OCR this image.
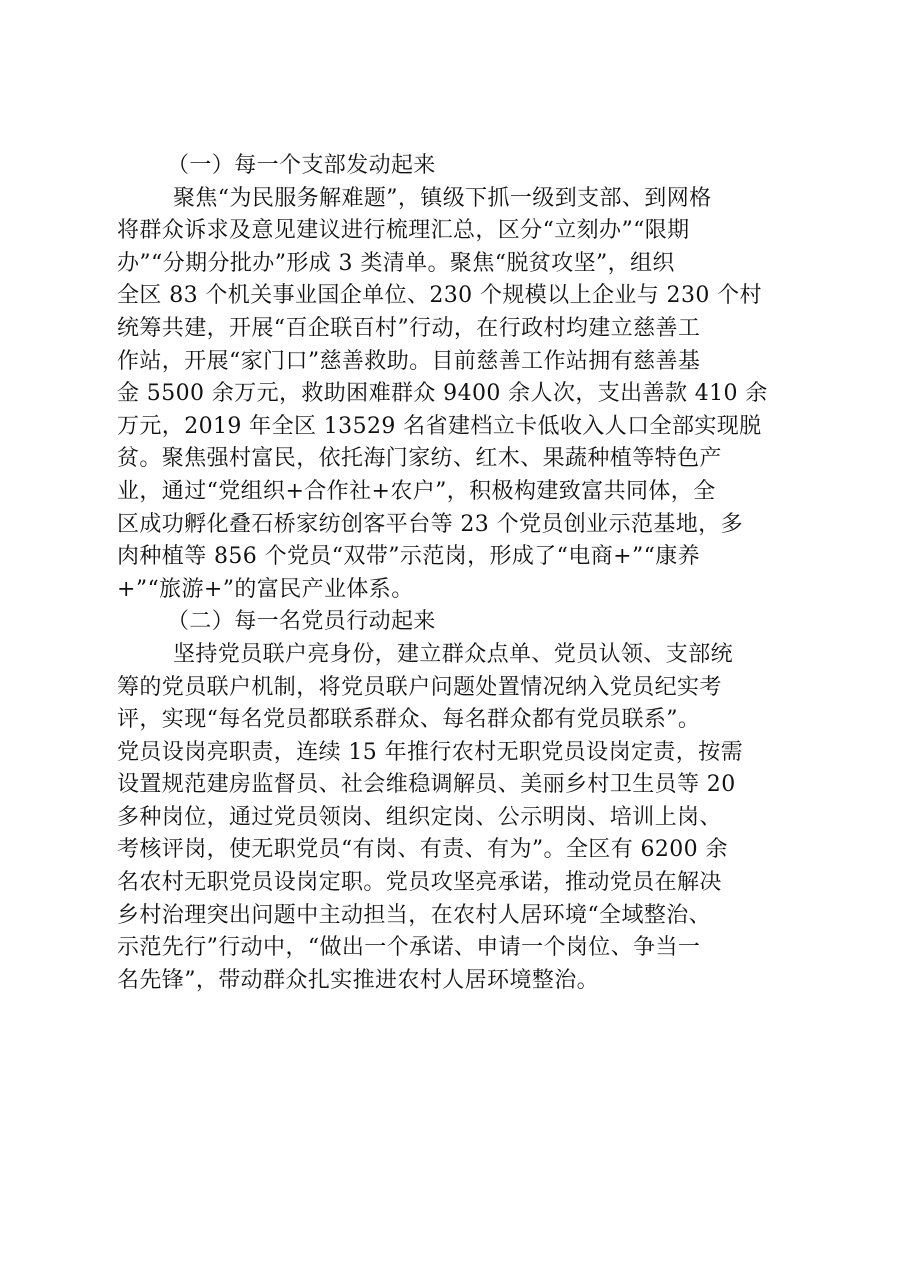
（一）每一个支部发动起来
聚焦“为民服务解难题”，镇级下抓一级到支部、到网格
将群众诉求及意见建议进行梳理汇总，区分“立刻办”“限期
办”“分期分批办”形成 3 类清单。聚焦“脱贫攻坚”，组织
全区 83 个机关事业国企单位、230 个规模以上企业与 230 个村
统筹共建，开展“百企联百村”行动，在行政村均建立慈善工
作站，开展“家门口”慈善救助。目前慈善工作站拥有慈善基
金 5500 余万元，救助困难群众 9400 余人次，支出善款 410 余
万元，2019 年全区 13529 名省建档立卡低收入人口全部实现脱
贫。聚焦强村富民，依托海门家纺、红木、果蔬种植等特色产
业，通过“党组织+合作社+农户”，积极构建致富共同体，全
区成功孵化叠石桥家纺创客平台等 23 个党员创业示范基地，多
肉种植等 856 个党员“双带”示范岗，形成了“电商+”“康养
+”“旅游+”的富民产业体系。
（二）每一名党员行动起来
坚持党员联户亮身份，建立群众点单、党员认领、支部统
筹的党员联户机制，将党员联户问题处置情况纳入党员纪实考
评，实现“每名党员都联系群众、每名群众都有党员联系”。
党员设岗亮职责，连续 15 年推行农村无职党员设岗定责，按需
设置规范建房监督员、社会维稳调解员、美丽乡村卫生员等 20
多种岗位，通过党员领岗、组织定岗、公示明岗、培训上岗、
考核评岗，使无职党员“有岗、有责、有为”。全区有 6200 余
名农村无职党员设岗定职。党员攻坚亮承诺，推动党员在解决
乡村治理突出问题中主动担当，在农村人居环境“全域整治、
示范先行”行动中，“做出一个承诺、申请一个岗位、争当一
名先锋”，带动群众扎实推进农村人居环境整治。
